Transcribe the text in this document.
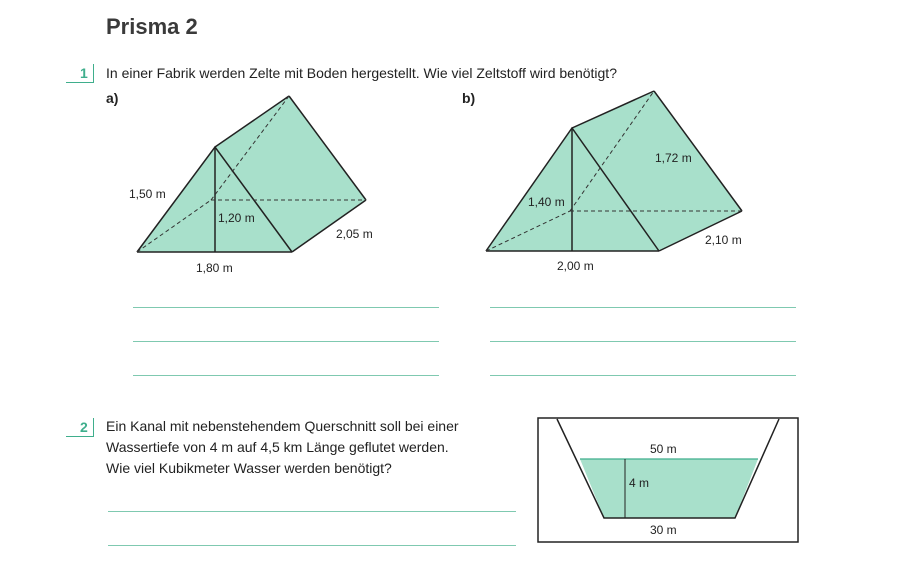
Prisma 2
1	In einer Fabrik werden Zelte mit Boden hergestellt. Wie viel Zeltstoff wird benötigt?
a)	b)
1,50 m
1,20 m
1,80 m
2,05 m
1,40 m
1,72 m
2,00 m
2,10 m
50 m
4 m
30 m
2	Ein Kanal mit nebenstehendem Querschnitt soll bei einer
Wassertiefe von 4 m auf 4,5 km Länge geflutet werden.
Wie viel Kubikmeter Wasser werden benötigt?
